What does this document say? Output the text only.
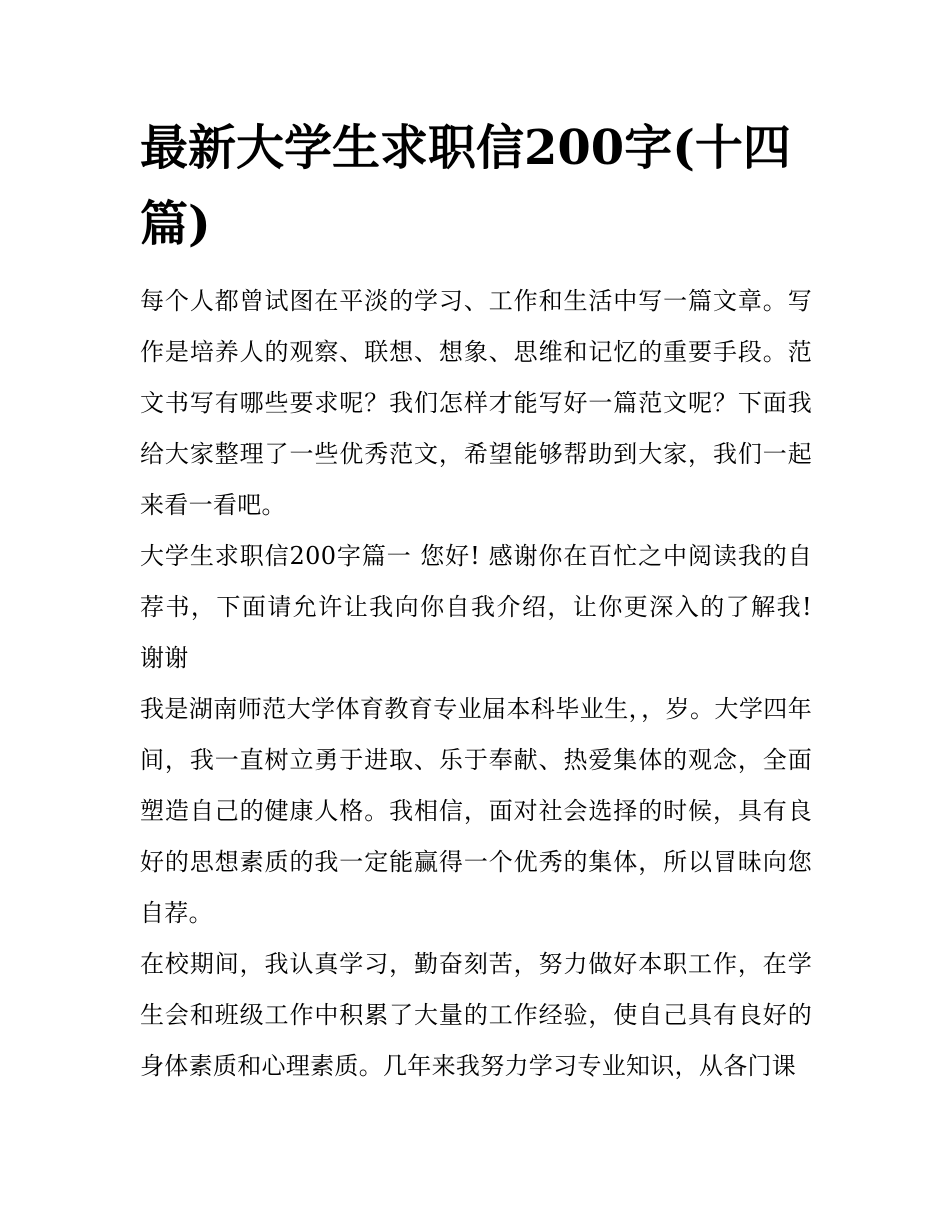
最新大学生求职信200字(十四篇)

每个人都曾试图在平淡的学习、工作和生活中写一篇文章。写作是培养人的观察、联想、想象、思维和记忆的重要手段。范文书写有哪些要求呢？我们怎样才能写好一篇范文呢？下面我给大家整理了一些优秀范文，希望能够帮助到大家，我们一起来看一看吧。

大学生求职信200字篇一 您好! 感谢你在百忙之中阅读我的自荐书，下面请允许让我向你自我介绍，让你更深入的了解我! 谢谢

我是湖南师范大学体育教育专业届本科毕业生，，岁。大学四年间，我一直树立勇于进取、乐于奉献、热爱集体的观念，全面塑造自己的健康人格。我相信，面对社会选择的时候，具有良好的思想素质的我一定能赢得一个优秀的集体，所以冒昧向您自荐。

在校期间，我认真学习，勤奋刻苦，努力做好本职工作，在学生会和班级工作中积累了大量的工作经验，使自己具有良好的身体素质和心理素质。几年来我努力学习专业知识，从各门课
